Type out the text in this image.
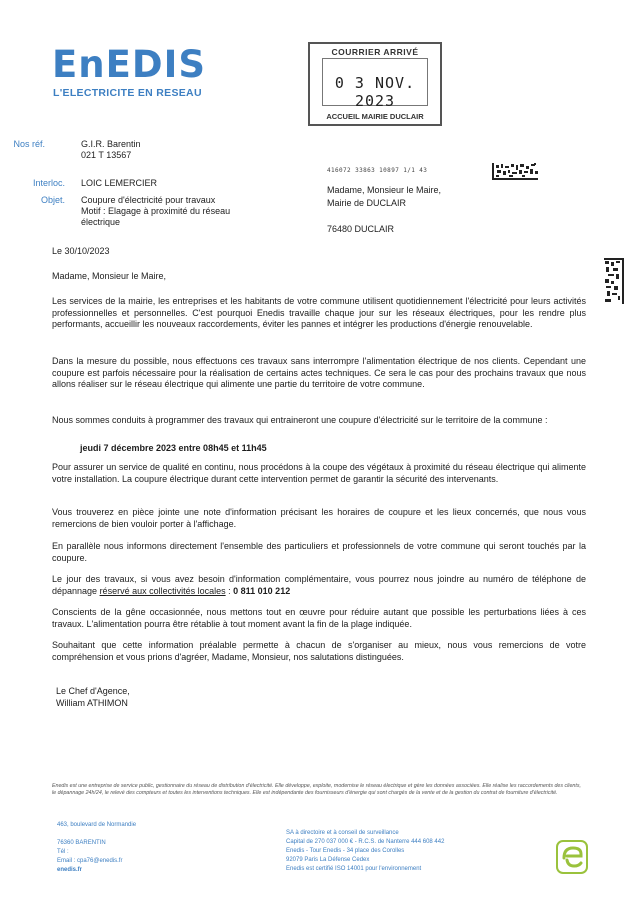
EnEDIS
L'ELECTRICITE EN RESEAU
COURRIER ARRIVÉ
0 3 NOV. 2023
ACCUEIL MAIRIE DUCLAIR
Nos réf.	G.I.R. Barentin
021 T 13567
Interloc. LOIC LEMERCIER
Objet. Coupure d'électricité pour travaux
Motif : Elagage à proximité du réseau
électrique
416072 33863 10897 1/1 43
Madame, Monsieur le Maire,
Mairie de DUCLAIR
76480 DUCLAIR
Le 30/10/2023
Madame, Monsieur le Maire,
Les services de la mairie, les entreprises et les habitants de votre commune utilisent quotidiennement l'électricité pour leurs activités professionnelles et personnelles. C'est pourquoi Enedis travaille chaque jour sur les réseaux électriques, pour les rendre plus performants, accueillir les nouveaux raccordements, éviter les pannes et intégrer les productions d'énergie renouvelable.
Dans la mesure du possible, nous effectuons ces travaux sans interrompre l'alimentation électrique de nos clients. Cependant une coupure est parfois nécessaire pour la réalisation de certains actes techniques. Ce sera le cas pour des prochains travaux que nous allons réaliser sur le réseau électrique qui alimente une partie du territoire de votre commune.
Nous sommes conduits à programmer des travaux qui entraineront une coupure d'électricité sur le territoire de la commune :
jeudi 7 décembre 2023 entre 08h45 et 11h45
Pour assurer un service de qualité en continu, nous procédons à la coupe des végétaux à proximité du réseau électrique qui alimente votre installation. La coupure électrique durant cette intervention permet de garantir la sécurité des intervenants.
Vous trouverez en pièce jointe une note d'information précisant les horaires de coupure et les lieux concernés, que nous vous remercions de bien vouloir porter à l'affichage.
En parallèle nous informons directement l'ensemble des particuliers et professionnels de votre commune qui seront touchés par la coupure.
Le jour des travaux, si vous avez besoin d'information complémentaire, vous pourrez nous joindre au numéro de téléphone de dépannage réservé aux collectivités locales : 0 811 010 212
Conscients de la gêne occasionnée, nous mettons tout en œuvre pour réduire autant que possible les perturbations liées à ces travaux. L'alimentation pourra être rétablie à tout moment avant la fin de la plage indiquée.
Souhaitant que cette information préalable permette à chacun de s'organiser au mieux, nous vous remercions de votre compréhension et vous prions d'agréer, Madame, Monsieur, nos salutations distinguées.
Le Chef d'Agence,
William ATHIMON
Enedis est une entreprise de service public, gestionnaire du réseau de distribution d'électricité. Elle développe, exploite, modernise le réseau électrique et gère les données associées. Elle réalise les raccordements des clients, le dépannage 24h/24, le relevé des compteurs et toutes les interventions techniques. Elle est indépendante des fournisseurs d'énergie qui sont chargés de la vente et de la gestion du contrat de fourniture d'électricité.
463, boulevard de Normandie
76360 BARENTIN
Tél :
Email : cpa76@enedis.fr
enedis.fr
SA à directoire et à conseil de surveillance
Capital de 270 037 000 € - R.C.S. de Nanterre 444 608 442
Enedis - Tour Enedis - 34 place des Corolles
92079 Paris La Défense Cedex
Enedis est certifié ISO 14001 pour l'environnement
